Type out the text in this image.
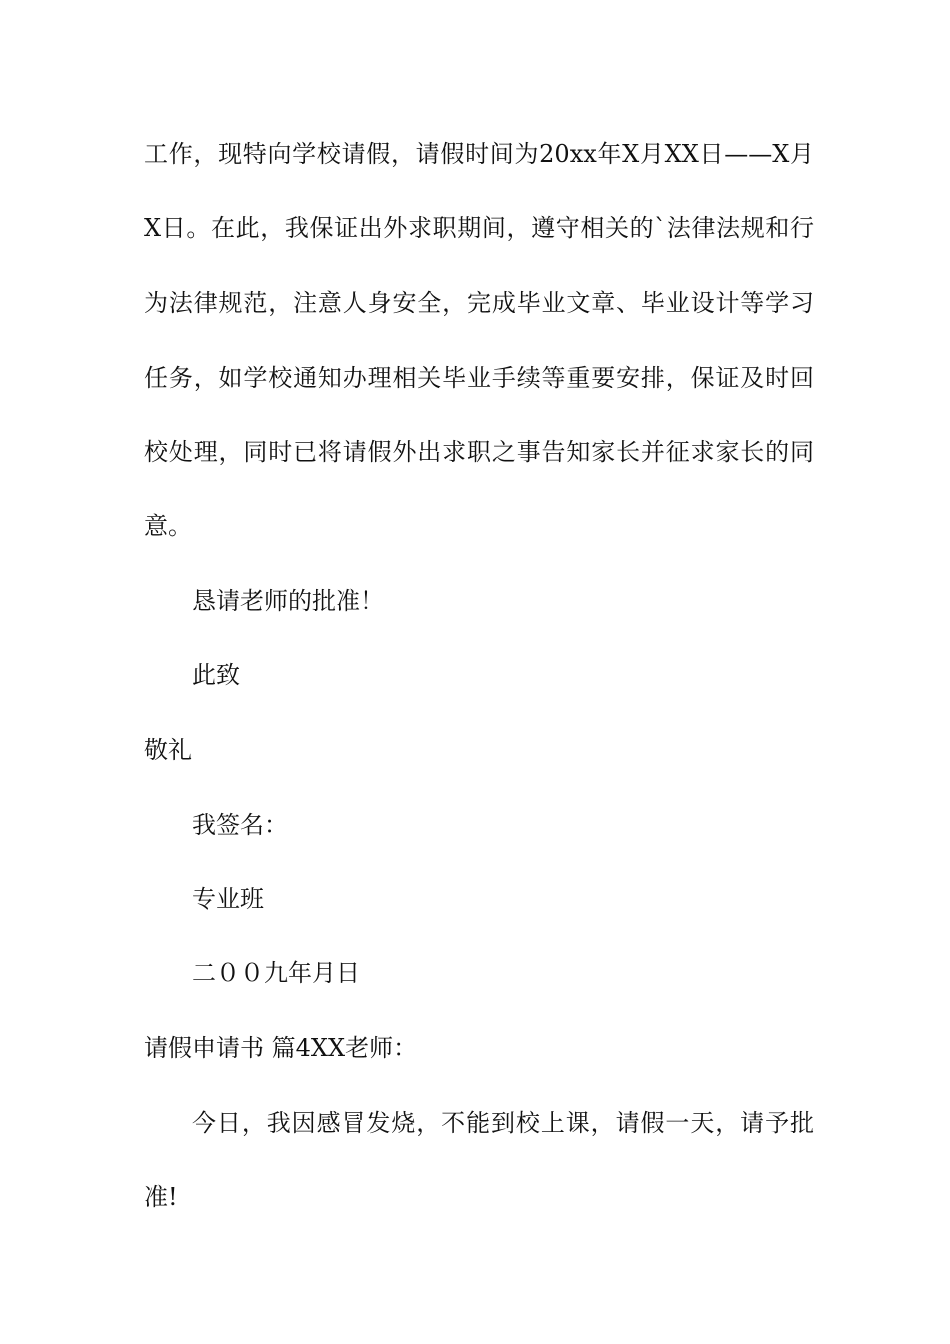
工作，现特向学校请假，请假时间为20xx年X月XX日——X月
X日。在此，我保证出外求职期间，遵守相关的`法律法规和行
为法律规范，注意人身安全，完成毕业文章、毕业设计等学习
任务，如学校通知办理相关毕业手续等重要安排，保证及时回
校处理，同时已将请假外出求职之事告知家长并征求家长的同
意。
恳请老师的批准！
此致
敬礼
我签名：
专业班
二００九年月日
请假申请书 篇4XX老师：
今日，我因感冒发烧，不能到校上课，请假一天，请予批
准!
